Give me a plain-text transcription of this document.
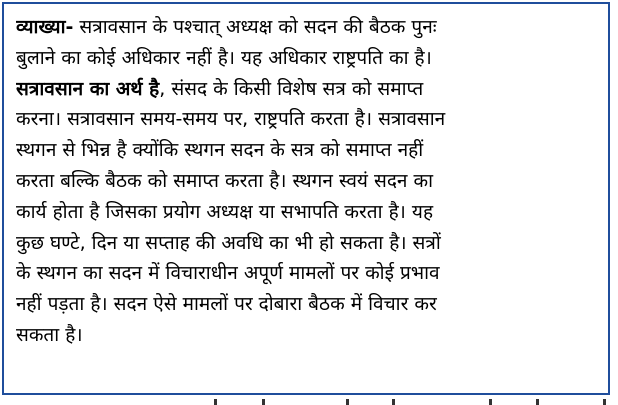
व्याख्या- सत्रावसान के पश्चात् अध्यक्ष को सदन की बैठक पुनः
बुलाने का कोई अधिकार नहीं है। यह अधिकार राष्ट्रपति का है।
सत्रावसान का अर्थ है, संसद के किसी विशेष सत्र को समाप्त
करना। सत्रावसान समय-समय पर, राष्ट्रपति करता है। सत्रावसान
स्थगन से भिन्न है क्योंकि स्थगन सदन के सत्र को समाप्त नहीं
करता बल्कि बैठक को समाप्त करता है। स्थगन स्वयं सदन का
कार्य होता है जिसका प्रयोग अध्यक्ष या सभापति करता है। यह
कुछ घण्टे, दिन या सप्ताह की अवधि का भी हो सकता है। सत्रों
के स्थगन का सदन में विचाराधीन अपूर्ण मामलों पर कोई प्रभाव
नहीं पड़ता है। सदन ऐसे मामलों पर दोबारा बैठक में विचार कर
सकता है।
